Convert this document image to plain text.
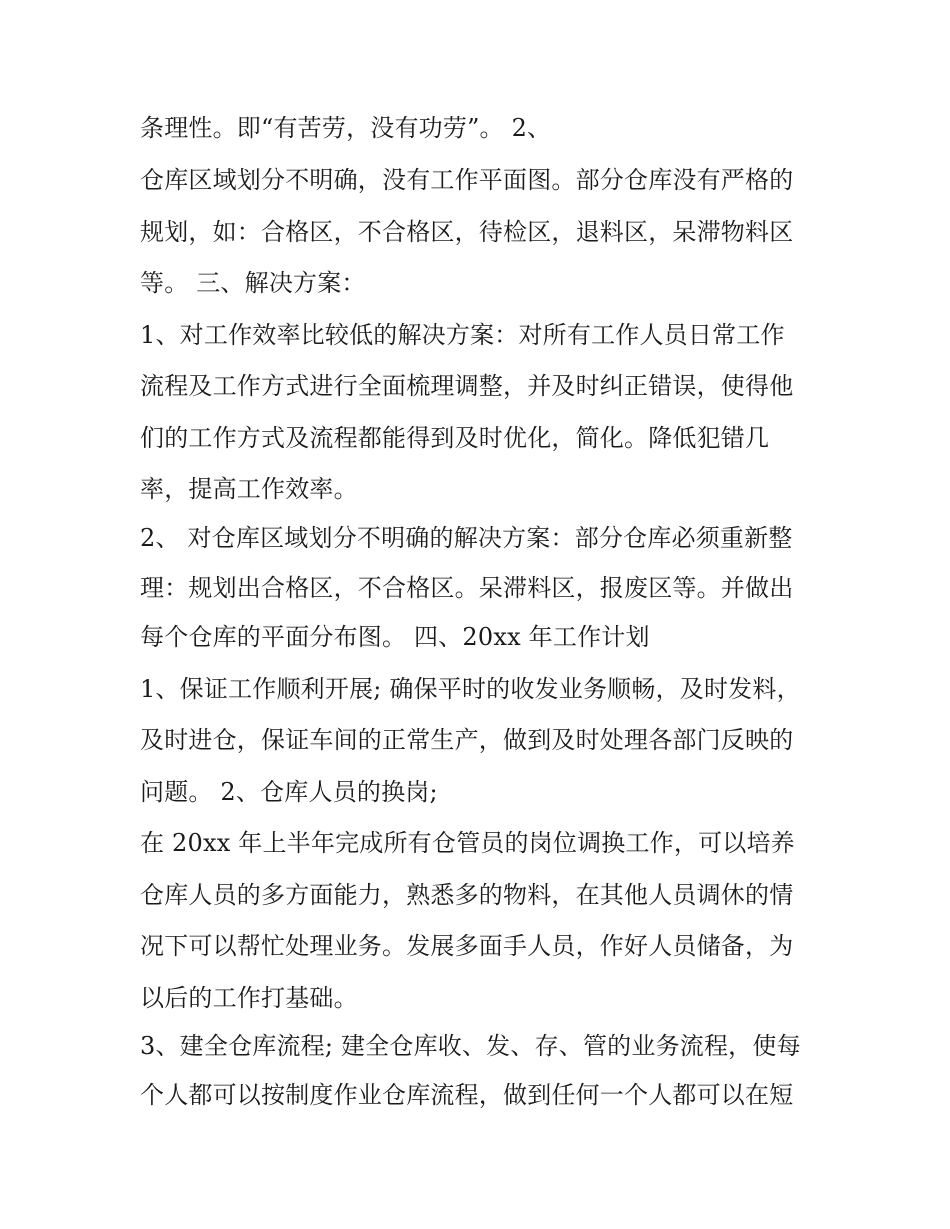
条理性。即“有苦劳，没有功劳”。 2、
仓库区域划分不明确，没有工作平面图。部分仓库没有严格的
规划，如：合格区，不合格区，待检区，退料区，呆滞物料区
等。 三、解决方案：
1、对工作效率比较低的解决方案：对所有工作人员日常工作
流程及工作方式进行全面梳理调整，并及时纠正错误，使得他
们的工作方式及流程都能得到及时优化，简化。降低犯错几
率，提高工作效率。
2、 对仓库区域划分不明确的解决方案：部分仓库必须重新整
理：规划出合格区，不合格区。呆滞料区，报废区等。并做出
每个仓库的平面分布图。 四、20xx 年工作计划
1、保证工作顺利开展; 确保平时的收发业务顺畅，及时发料，
及时进仓，保证车间的正常生产，做到及时处理各部门反映的
问题。 2、仓库人员的换岗;
在 20xx 年上半年完成所有仓管员的岗位调换工作，可以培养
仓库人员的多方面能力，熟悉多的物料，在其他人员调休的情
况下可以帮忙处理业务。发展多面手人员，作好人员储备，为
以后的工作打基础。
3、建全仓库流程; 建全仓库收、发、存、管的业务流程，使每
个人都可以按制度作业仓库流程，做到任何一个人都可以在短
